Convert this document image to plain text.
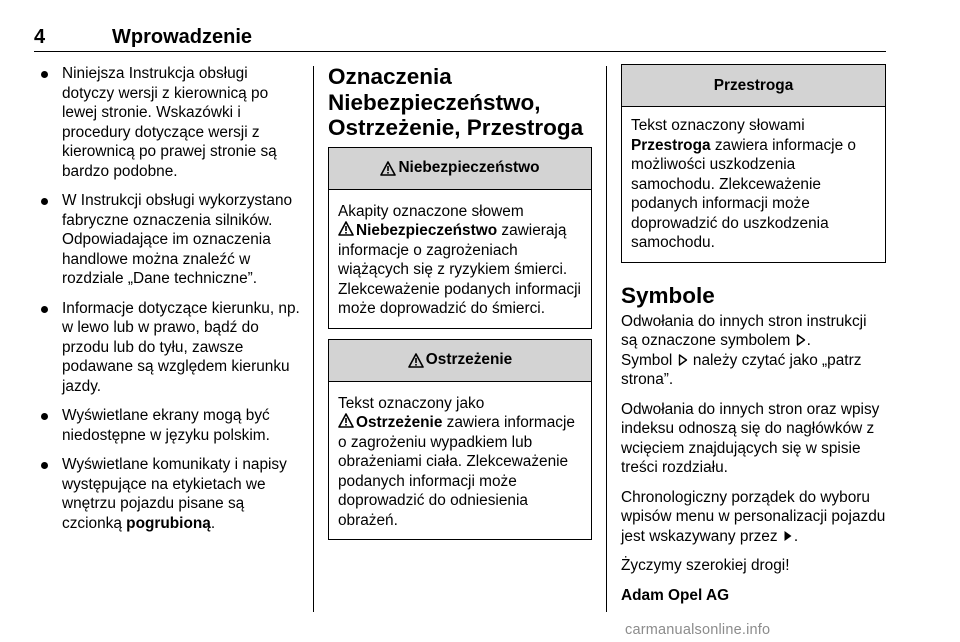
4	Wprowadzenie
Niniejsza Instrukcja obsługi dotyczy wersji z kierownicą po lewej stronie. Wskazówki i procedury dotyczące wersji z kierownicą po prawej stronie są bardzo podobne.
W Instrukcji obsługi wykorzystano fabryczne oznaczenia silników. Odpowiadające im oznaczenia handlowe można znaleźć w rozdziale „Dane techniczne”.
Informacje dotyczące kierunku, np. w lewo lub w prawo, bądź do przodu lub do tyłu, zawsze podawane są względem kierunku jazdy.
Wyświetlane ekrany mogą być niedostępne w języku polskim.
Wyświetlane komunikaty i napisy występujące na etykietach we wnętrzu pojazdu pisane są czcionką pogrubioną.
Oznaczenia
Niebezpieczeństwo,
Ostrzeżenie, Przestroga
Niebezpieczeństwo
Akapity oznaczone słowem
Niebezpieczeństwo zawierają informacje o zagrożeniach wiążących się z ryzykiem śmierci. Zlekceważenie podanych informacji może doprowadzić do śmierci.
Ostrzeżenie
Tekst oznaczony jako
Ostrzeżenie zawiera informacje o zagrożeniu wypadkiem lub obrażeniami ciała. Zlekceważenie podanych informacji może doprowadzić do odniesienia obrażeń.
Przestroga
Tekst oznaczony słowami
Przestroga zawiera informacje o możliwości uszkodzenia samochodu. Zlekceważenie podanych informacji może doprowadzić do uszkodzenia samochodu.
Symbole
Odwołania do innych stron instrukcji są oznaczone symbolem .
Symbol należy czytać jako „patrz strona”.
Odwołania do innych stron oraz wpisy indeksu odnoszą się do nagłówków z wcięciem znajdujących się w spisie treści rozdziału.
Chronologiczny porządek do wyboru wpisów menu w personalizacji pojazdu jest wskazywany przez .
Życzymy szerokiej drogi!
Adam Opel AG
carmanualsonline.info
